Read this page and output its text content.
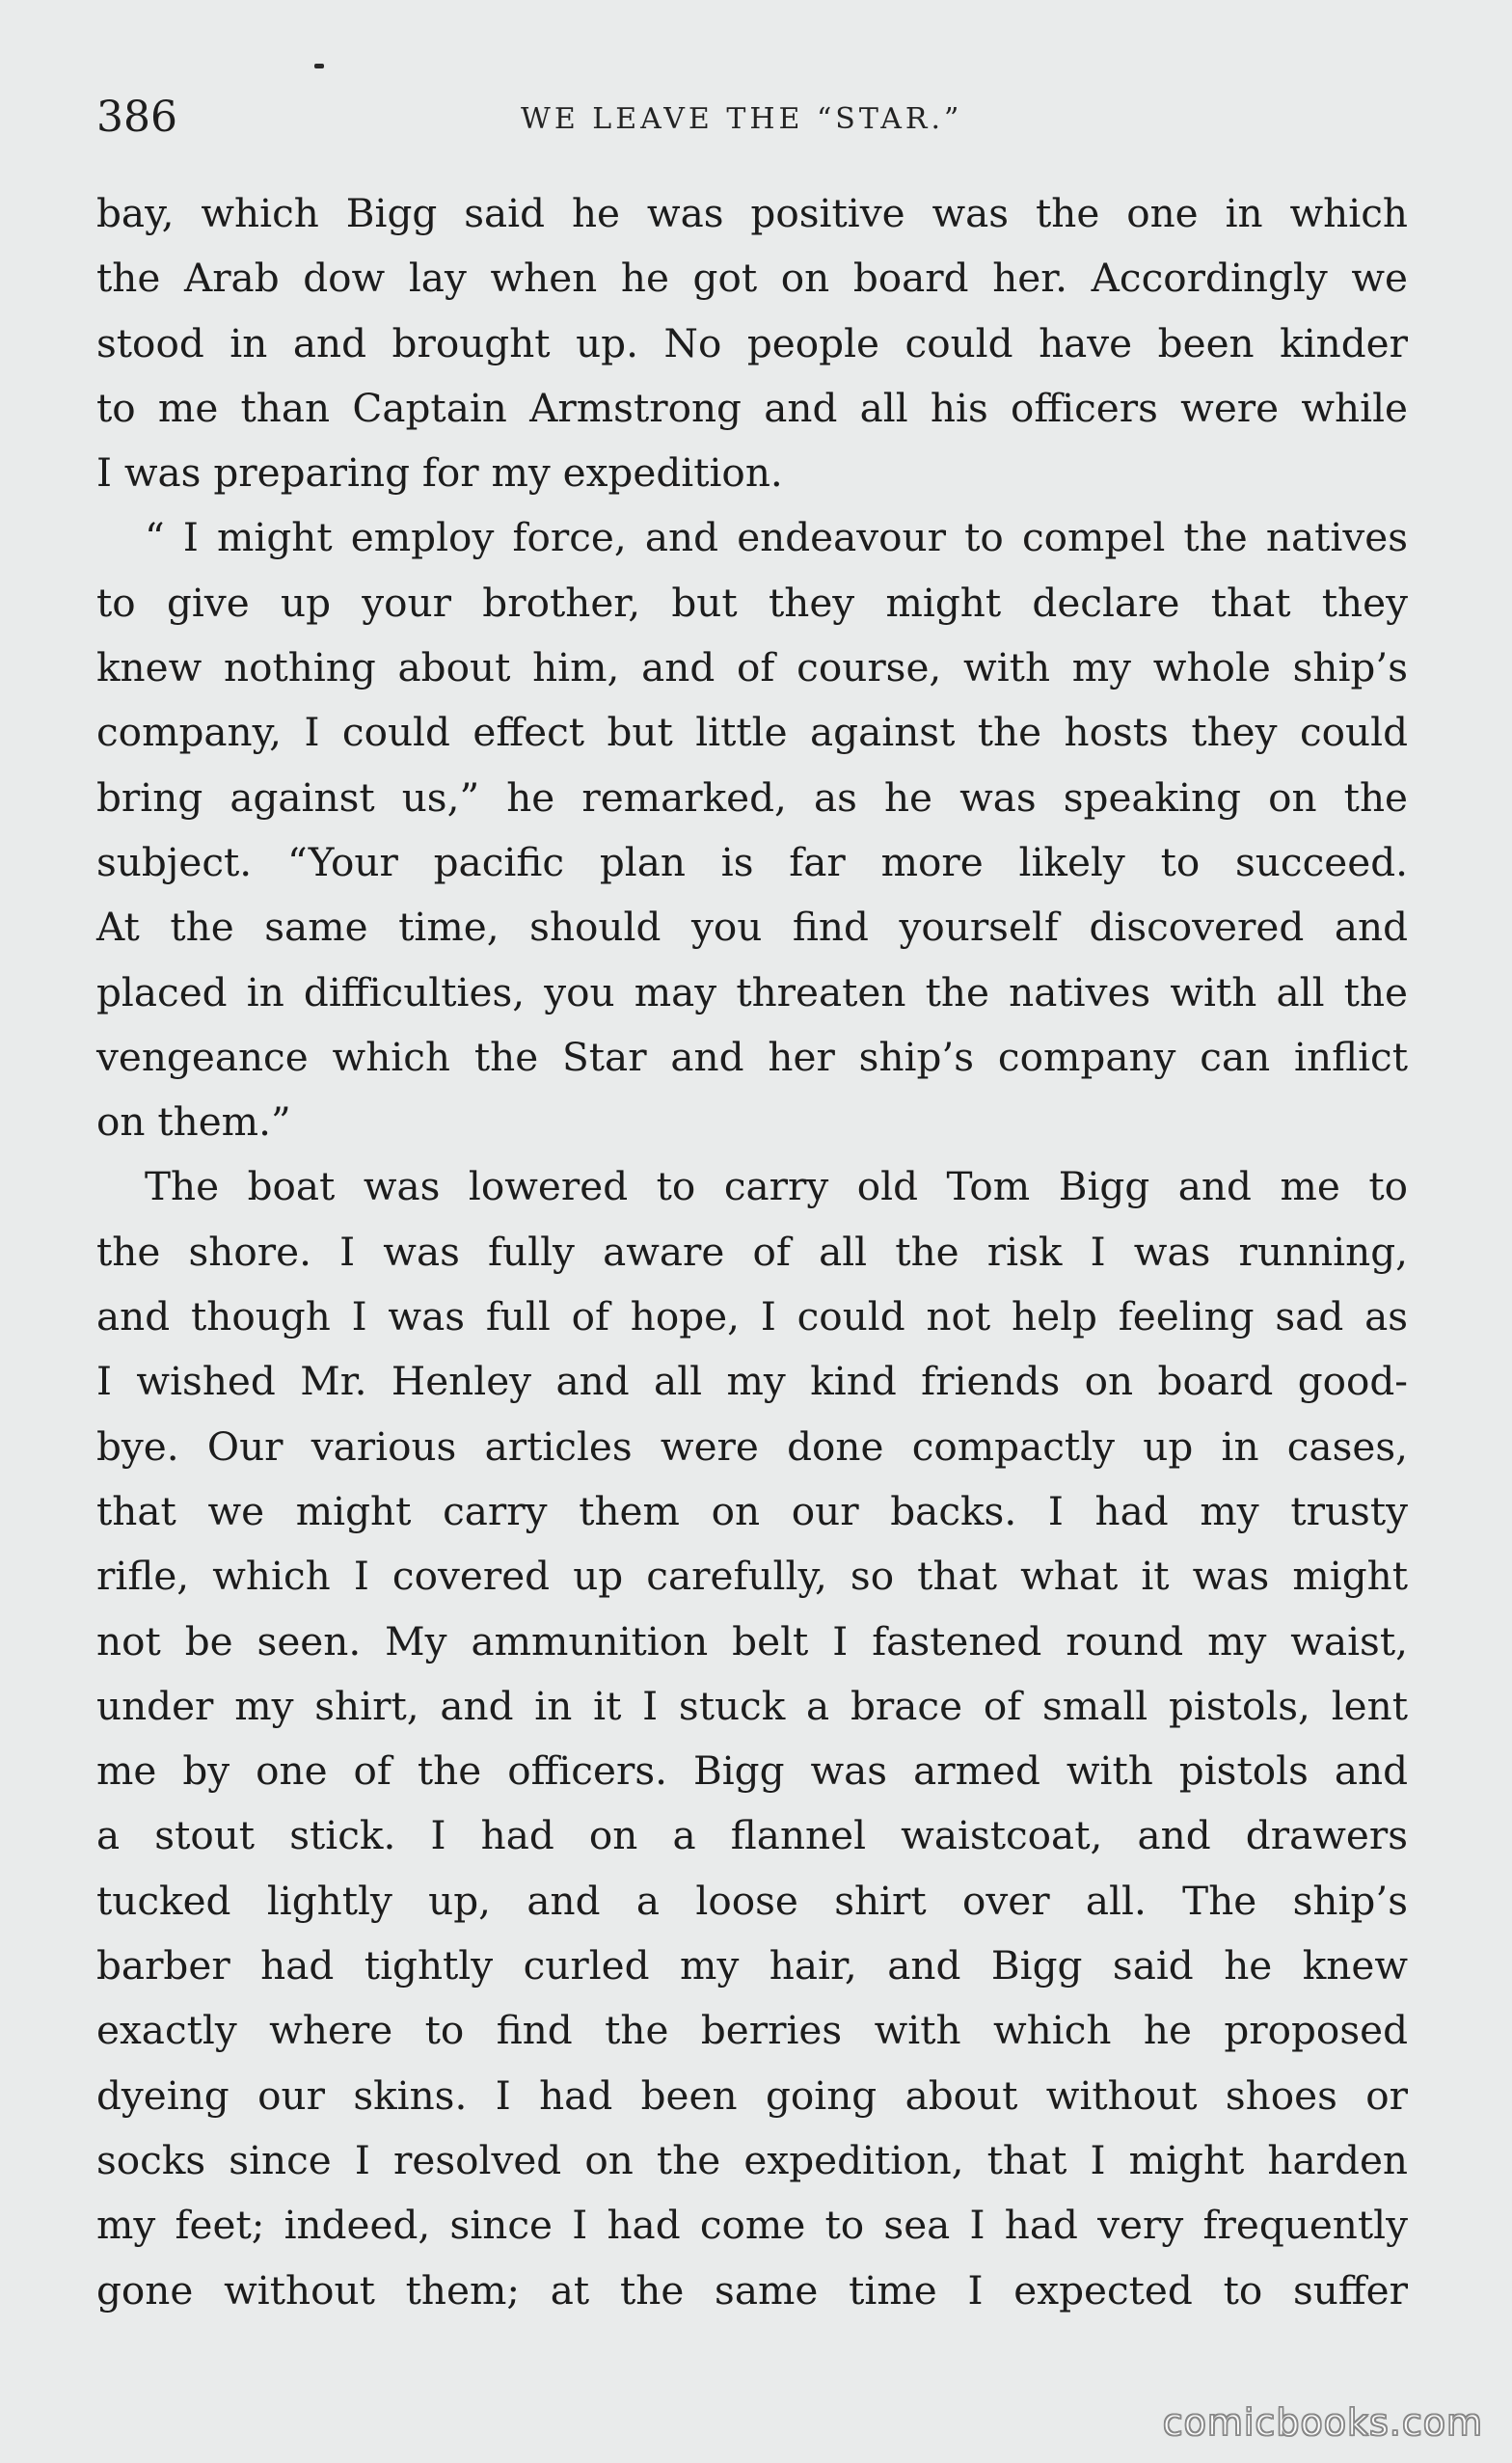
386	WE LEAVE THE “STAR.”
bay, which Bigg said he was positive was the one in which
the Arab dow lay when he got on board her. Accordingly we
stood in and brought up. No people could have been kinder
to me than Captain Armstrong and all his officers were while
I was preparing for my expedition.
“ I might employ force, and endeavour to compel the natives
to give up your brother, but they might declare that they
knew nothing about him, and of course, with my whole ship’s
company, I could effect but little against the hosts they could
bring against us,” he remarked, as he was speaking on the
subject. “Your pacific plan is far more likely to succeed.
At the same time, should you find yourself discovered and
placed in difficulties, you may threaten the natives with all the
vengeance which the Star and her ship’s company can inflict
on them.”
The boat was lowered to carry old Tom Bigg and me to
the shore. I was fully aware of all the risk I was running,
and though I was full of hope, I could not help feeling sad as
I wished Mr. Henley and all my kind friends on board good-
bye. Our various articles were done compactly up in cases,
that we might carry them on our backs. I had my trusty
rifle, which I covered up carefully, so that what it was might
not be seen. My ammunition belt I fastened round my waist,
under my shirt, and in it I stuck a brace of small pistols, lent
me by one of the officers. Bigg was armed with pistols and
a stout stick. I had on a flannel waistcoat, and drawers
tucked lightly up, and a loose shirt over all. The ship’s
barber had tightly curled my hair, and Bigg said he knew
exactly where to find the berries with which he proposed
dyeing our skins. I had been going about without shoes or
socks since I resolved on the expedition, that I might harden
my feet; indeed, since I had come to sea I had very frequently
gone without them; at the same time I expected to suffer
comicbooks.com
